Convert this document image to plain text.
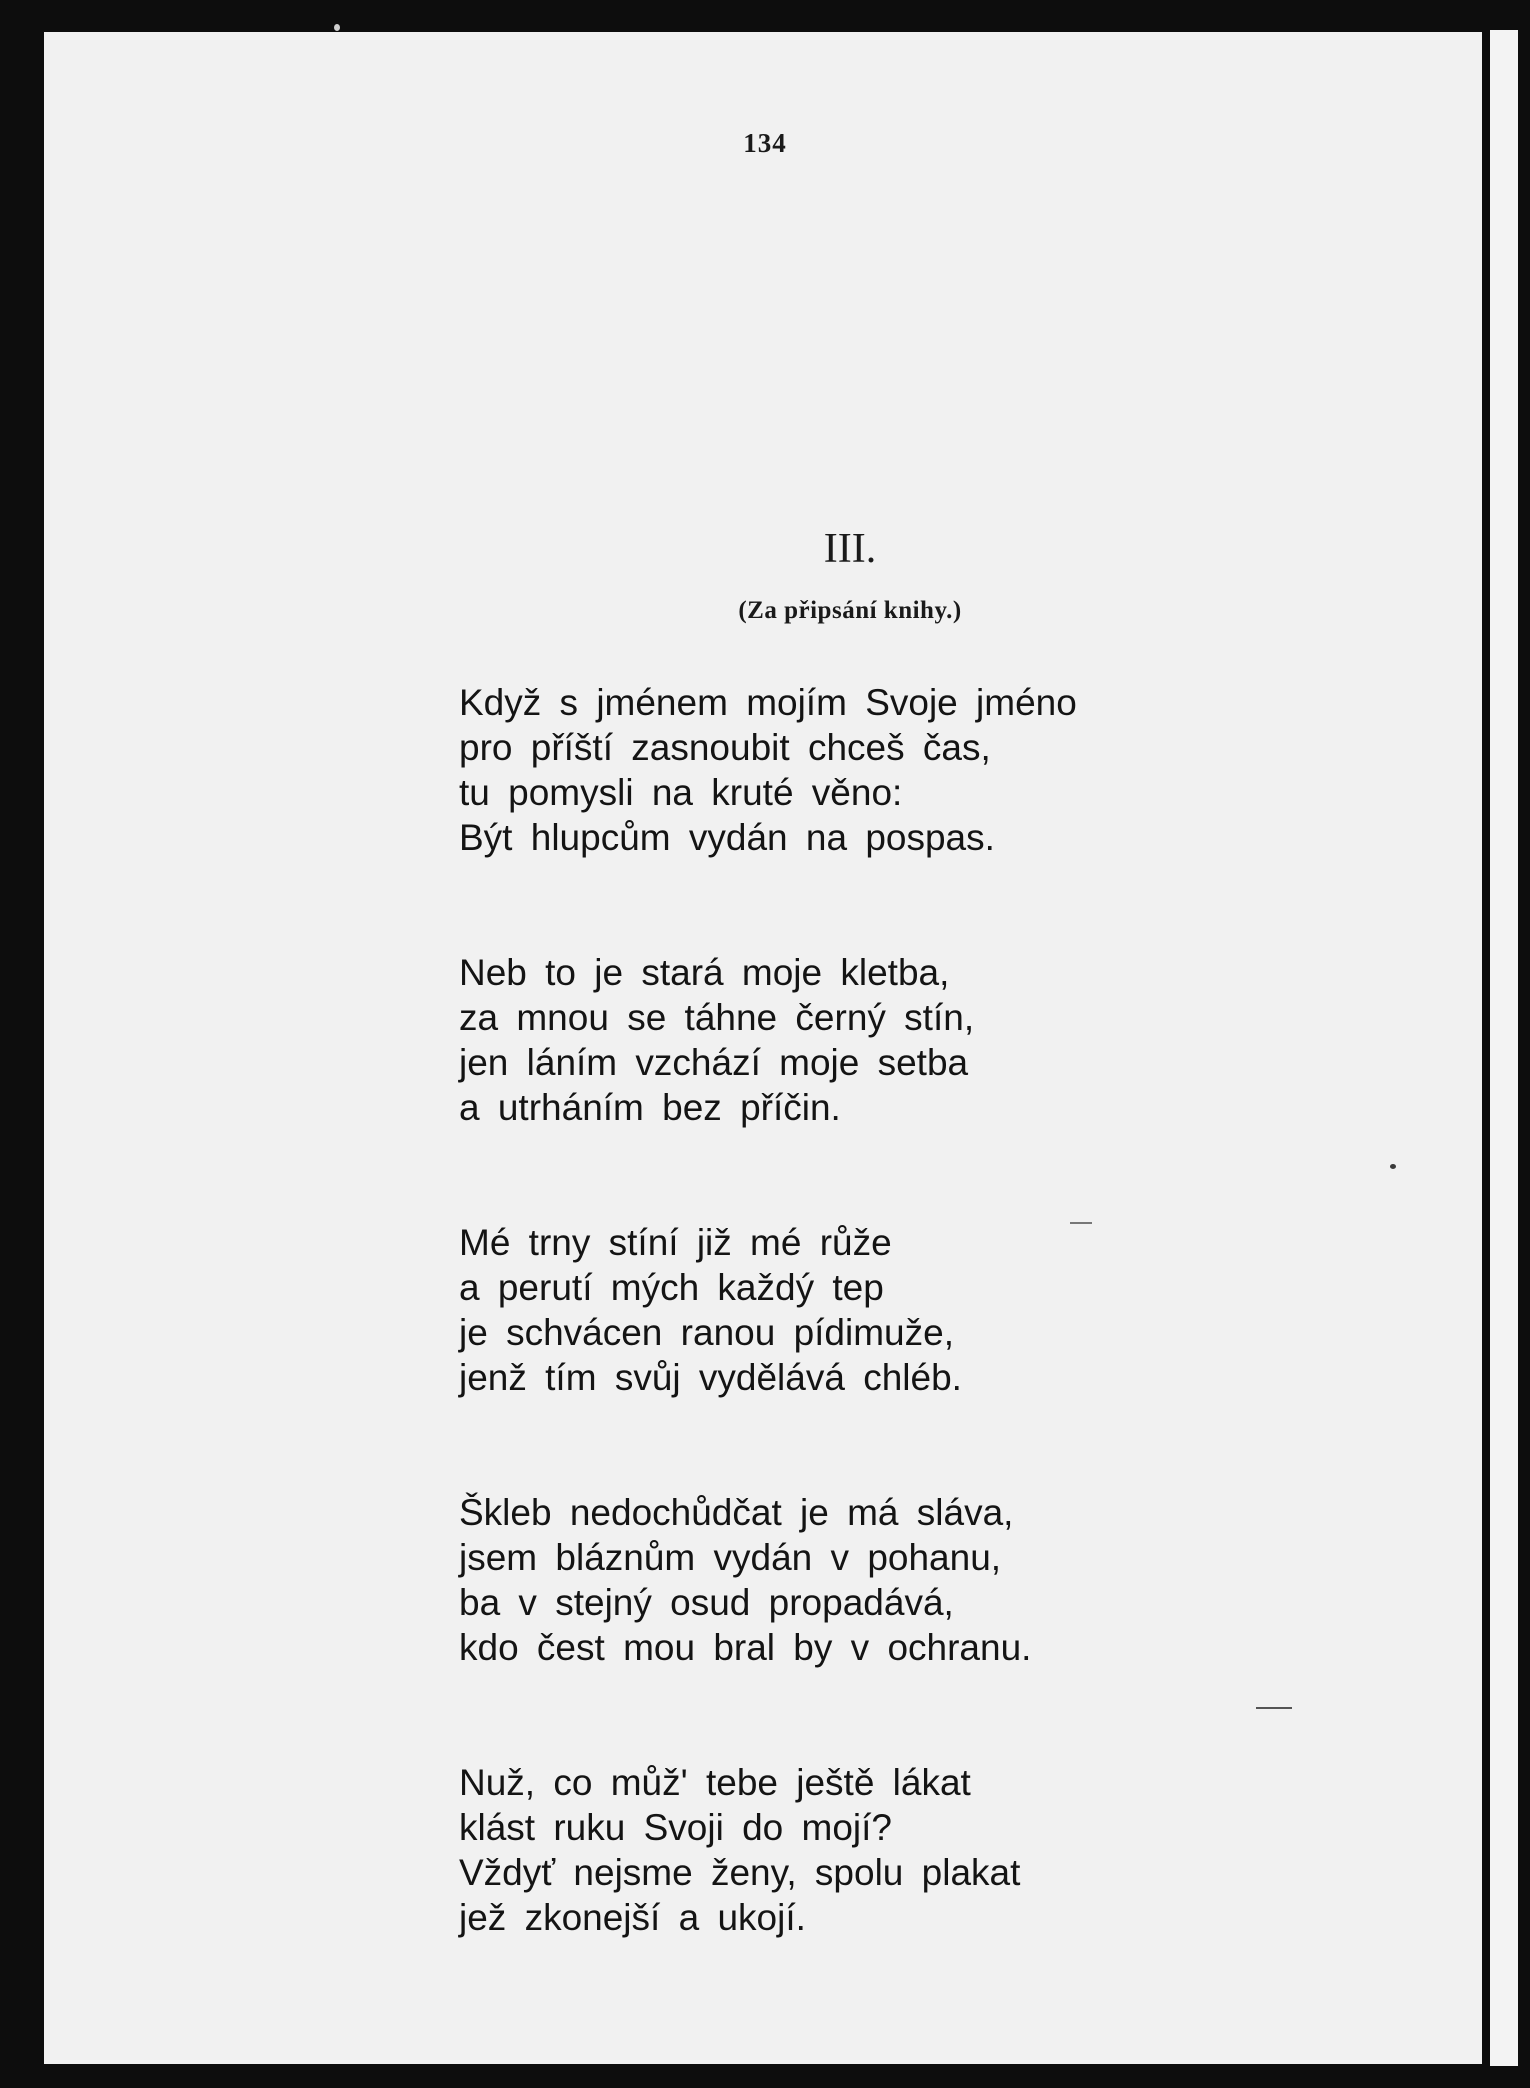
134
III.
(Za připsání knihy.)
Když s jménem mojím Svoje jméno
pro příští zasnoubit chceš čas,
tu pomysli na kruté věno:
Být hlupcům vydán na pospas.
Neb to je stará moje kletba,
za mnou se táhne černý stín,
jen láním vzchází moje setba
a utrháním bez příčin.
Mé trny stíní již mé růže
a perutí mých každý tep
je schvácen ranou pídimuže,
jenž tím svůj vydělává chléb.
Škleb nedochůdčat je má sláva,
jsem bláznům vydán v pohanu,
ba v stejný osud propadává,
kdo čest mou bral by v ochranu.
Nuž, co můž' tebe ještě lákat
klást ruku Svoji do mojí?
Vždyť nejsme ženy, spolu plakat
jež zkonejší a ukojí.
